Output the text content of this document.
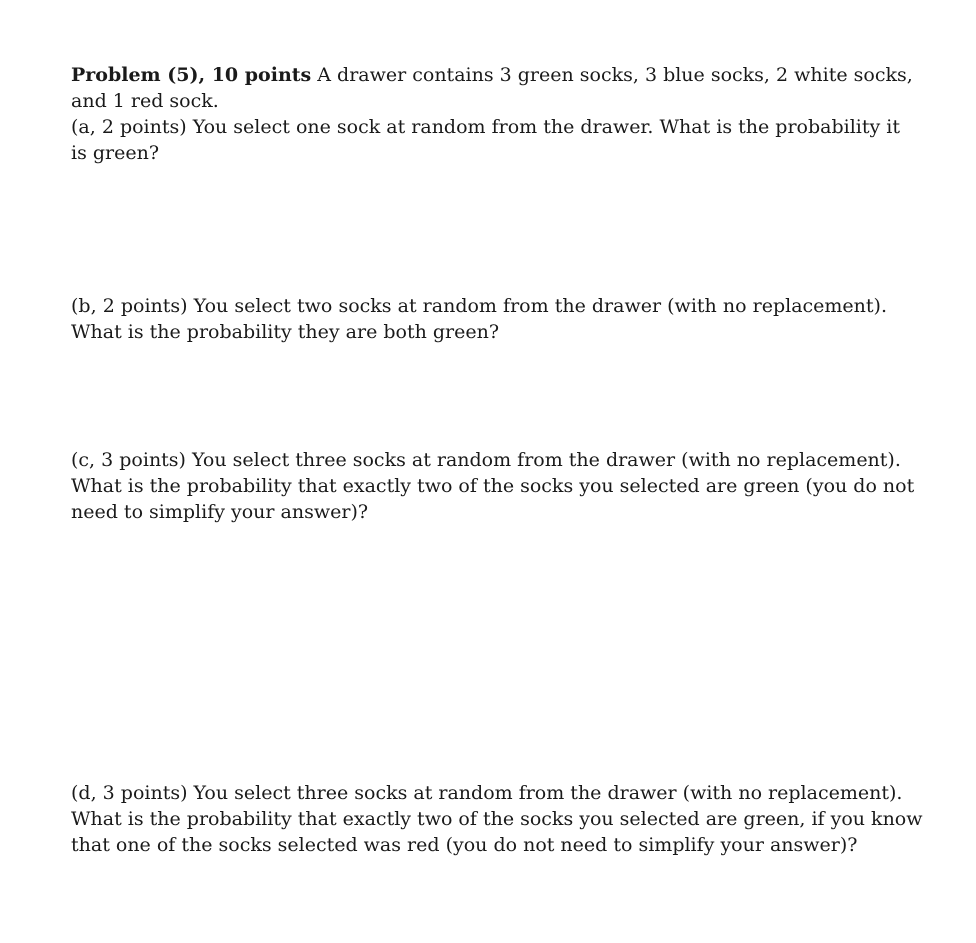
Problem (5), 10 points A drawer contains 3 green socks, 3 blue socks, 2 white socks,
and 1 red sock.
(a, 2 points) You select one sock at random from the drawer. What is the probability it
is green?
(b, 2 points) You select two socks at random from the drawer (with no replacement).
What is the probability they are both green?
(c, 3 points) You select three socks at random from the drawer (with no replacement).
What is the probability that exactly two of the socks you selected are green (you do not
need to simplify your answer)?
(d, 3 points) You select three socks at random from the drawer (with no replacement).
What is the probability that exactly two of the socks you selected are green, if you know
that one of the socks selected was red (you do not need to simplify your answer)?
